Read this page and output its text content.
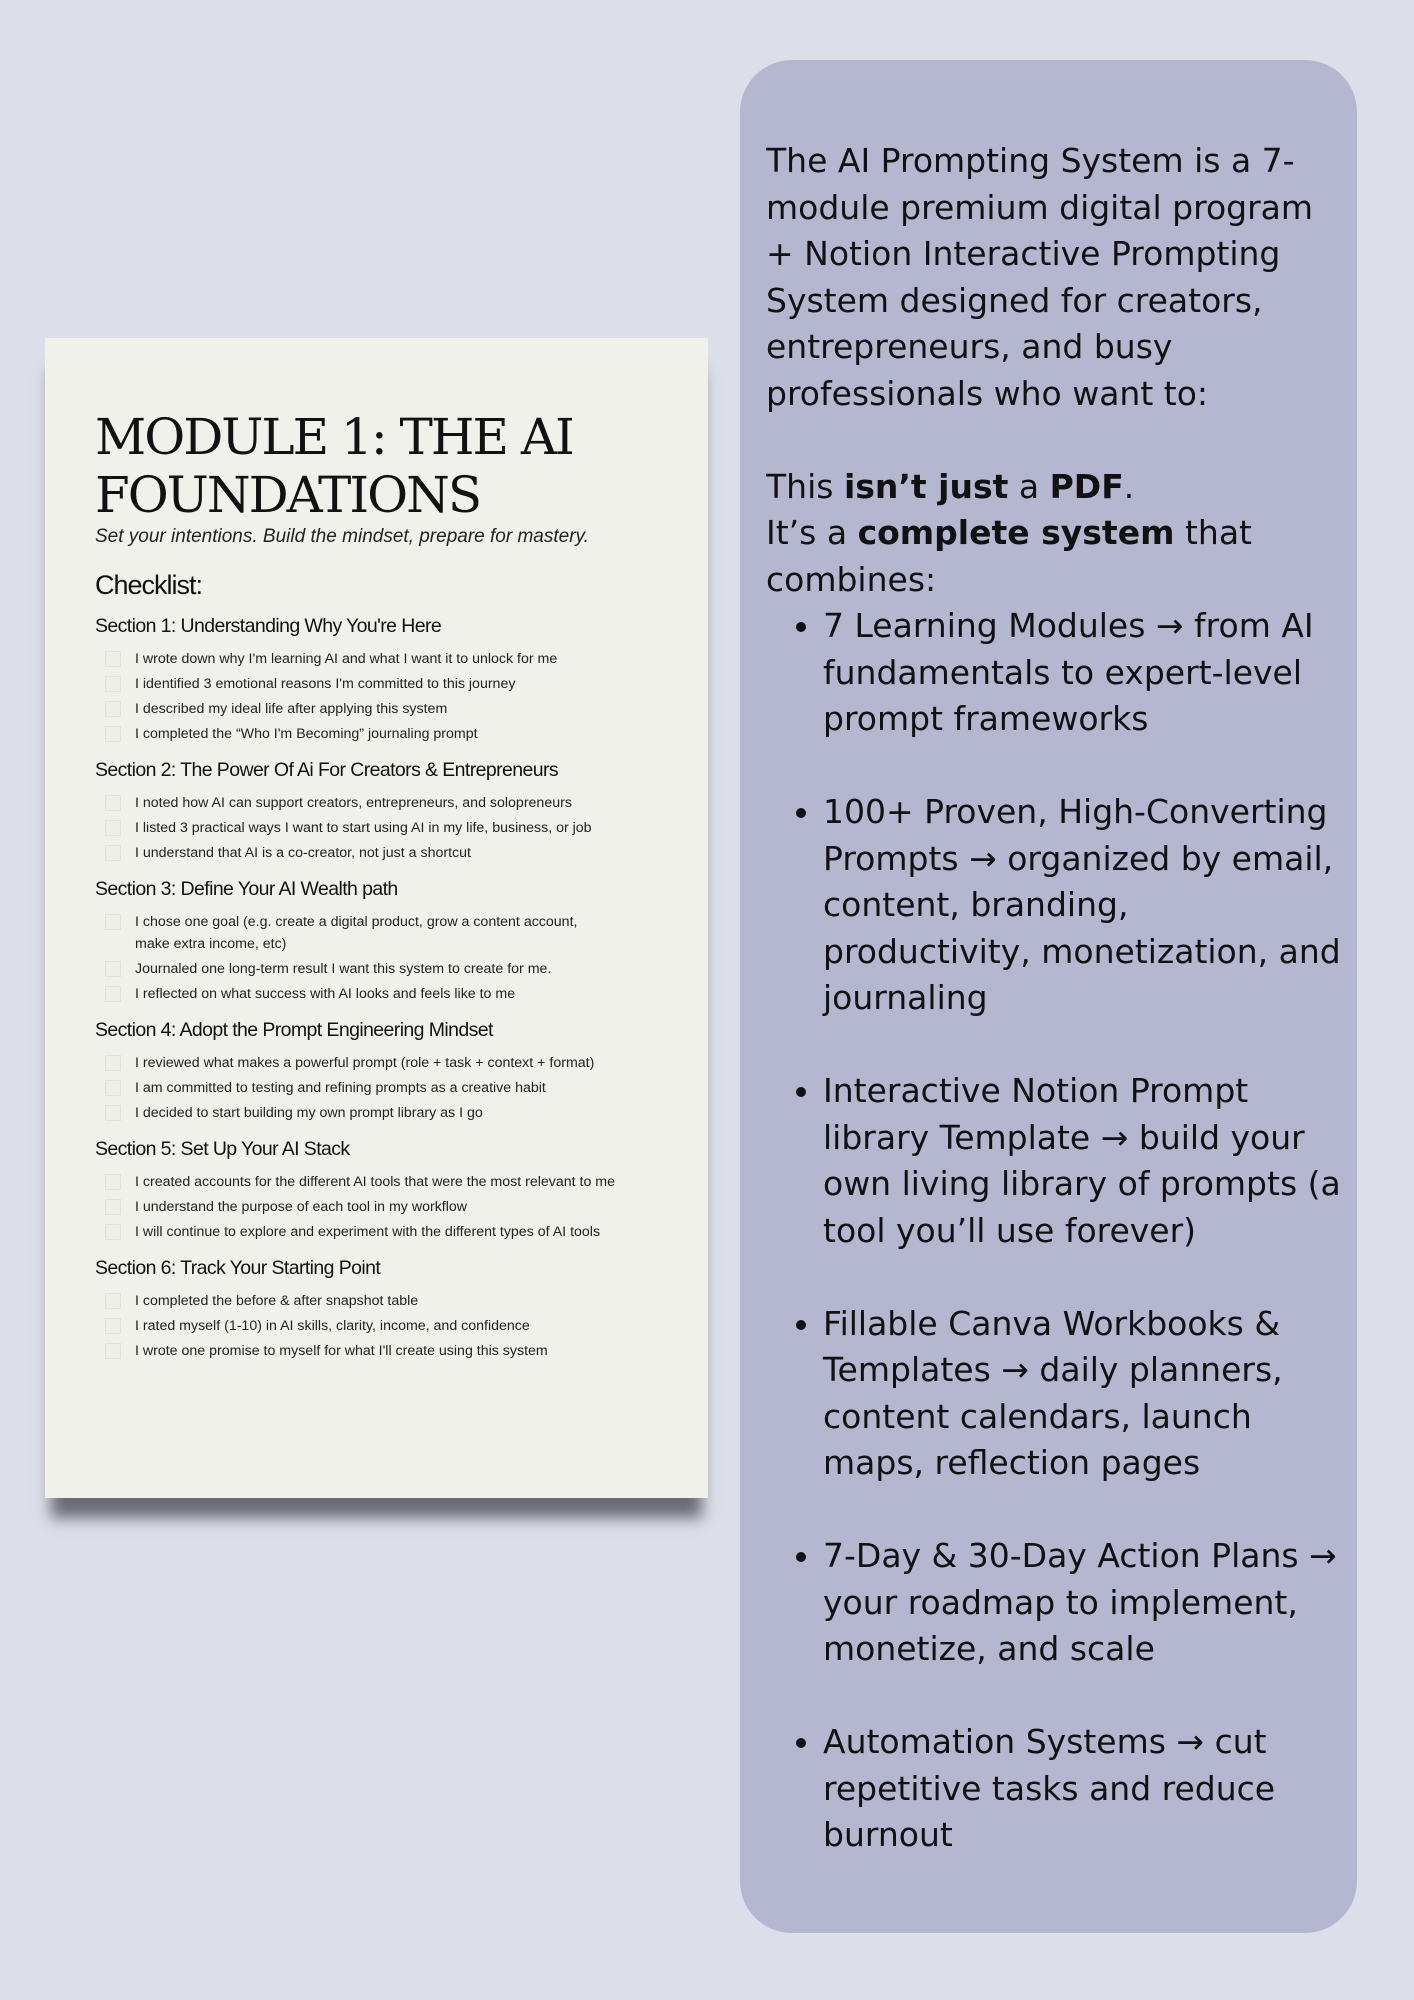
MODULE 1: THE AI
FOUNDATIONS
Set your intentions. Build the mindset, prepare for mastery.
Checklist:
Section 1: Understanding Why You're Here
I wrote down why I'm learning AI and what I want it to unlock for me
I identified 3 emotional reasons I'm committed to this journey
I described my ideal life after applying this system
I completed the “Who I'm Becoming” journaling prompt
Section 2: The Power Of Ai For Creators & Entrepreneurs
I noted how AI can support creators, entrepreneurs, and solopreneurs
I listed 3 practical ways I want to start using AI in my life, business, or job
I understand that AI is a co-creator, not just a shortcut
Section 3: Define Your AI Wealth path
I chose one goal (e.g. create a digital product, grow a content account, make extra income, etc)
Journaled one long-term result I want this system to create for me.
I reflected on what success with AI looks and feels like to me
Section 4: Adopt the Prompt Engineering Mindset
I reviewed what makes a powerful prompt (role + task + context + format)
I am committed to testing and refining prompts as a creative habit
I decided to start building my own prompt library as I go
Section 5: Set Up Your AI Stack
I created accounts for the different AI tools that were the most relevant to me
I understand the purpose of each tool in my workflow
I will continue to explore and experiment with the different types of AI tools
Section 6: Track Your Starting Point
I completed the before & after snapshot table
I rated myself (1-10) in AI skills, clarity, income, and confidence
I wrote one promise to myself for what I'll create using this system

The AI Prompting System is a 7-module premium digital program + Notion Interactive Prompting System designed for creators, entrepreneurs, and busy professionals who want to:

This isn’t just a PDF.

It’s a complete system that combines:

• 7 Learning Modules → from AI fundamentals to expert-level prompt frameworks
• 100+ Proven, High-Converting Prompts → organized by email, content, branding, productivity, monetization, and journaling
• Interactive Notion Prompt library Template → build your own living library of prompts (a tool you’ll use forever)
• Fillable Canva Workbooks & Templates → daily planners, content calendars, launch maps, reflection pages
• 7-Day & 30-Day Action Plans → your roadmap to implement, monetize, and scale
• Automation Systems → cut repetitive tasks and reduce burnout
